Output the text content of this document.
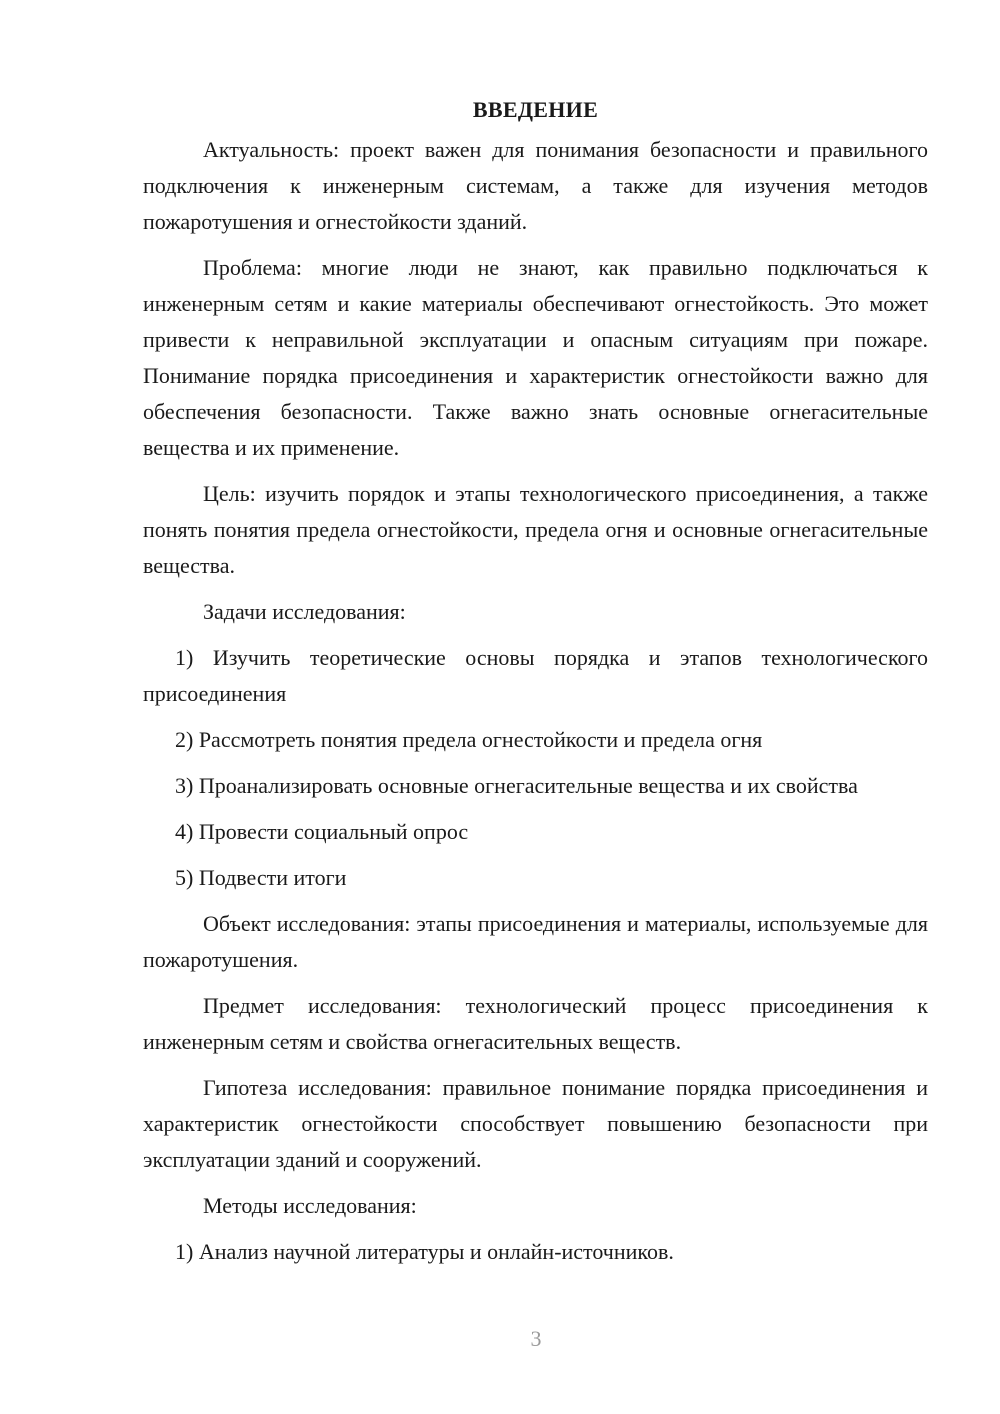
ВВЕДЕНИЕ

Актуальность: проект важен для понимания безопасности и правильного подключения к инженерным системам, а также для изучения методов пожаротушения и огнестойкости зданий.

Проблема: многие люди не знают, как правильно подключаться к инженерным сетям и какие материалы обеспечивают огнестойкость. Это может привести к неправильной эксплуатации и опасным ситуациям при пожаре. Понимание порядка присоединения и характеристик огнестойкости важно для обеспечения безопасности. Также важно знать основные огнегасительные вещества и их применение.

Цель: изучить порядок и этапы технологического присоединения, а также понять понятия предела огнестойкости, предела огня и основные огнегасительные вещества.

Задачи исследования:

1) Изучить теоретические основы порядка и этапов технологического присоединения

2) Рассмотреть понятия предела огнестойкости и предела огня

3) Проанализировать основные огнегасительные вещества и их свойства

4) Провести социальный опрос

5) Подвести итоги

Объект исследования: этапы присоединения и материалы, используемые для пожаротушения.

Предмет исследования: технологический процесс присоединения к инженерным сетям и свойства огнегасительных веществ.

Гипотеза исследования: правильное понимание порядка присоединения и характеристик огнестойкости способствует повышению безопасности при эксплуатации зданий и сооружений.

Методы исследования:

1) Анализ научной литературы и онлайн-источников.

3
